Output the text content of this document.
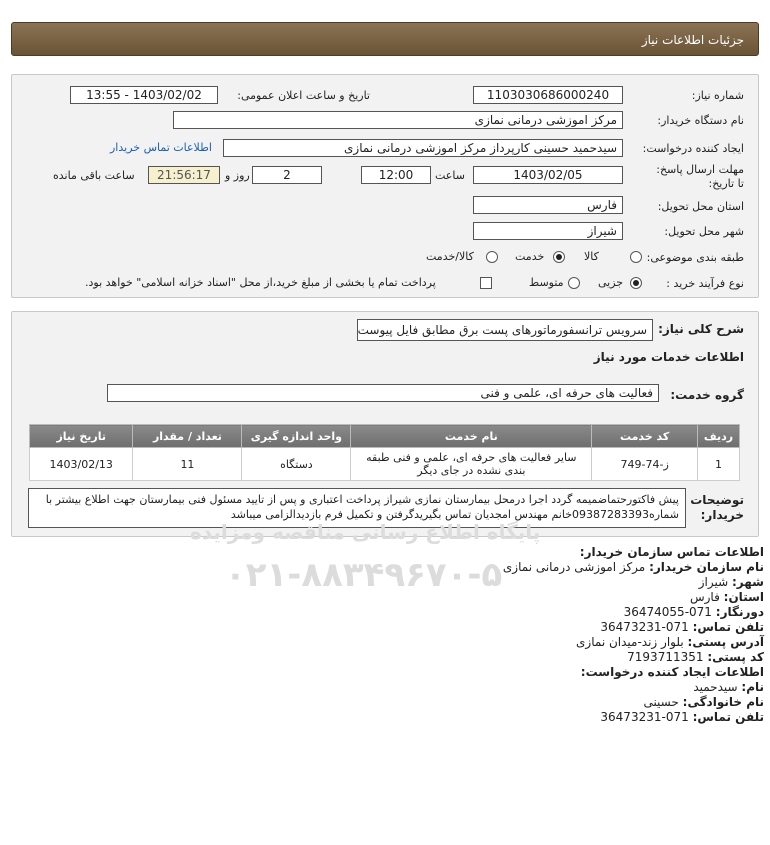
جزئیات اطلاعات نیاز
شماره نیاز:
1103030686000240
تاریخ و ساعت اعلان عمومی:
1403/02/02 - 13:55
نام دستگاه خریدار:
مرکز اموزشی درمانی نمازی
ایجاد کننده درخواست:
سیدحمید حسینی کارپرداز مرکز اموزشی درمانی نمازی
اطلاعات تماس خریدار
مهلت ارسال پاسخ: تا تاریخ:
1403/02/05
ساعت
12:00
2
روز و
21:56:17
ساعت باقی مانده
استان محل تحویل:
فارس
شهر محل تحویل:
شیراز
طبقه بندی موضوعی:
کالا
خدمت
کالا/خدمت
نوع فرآیند خرید :
جزیی
متوسط
پرداخت تمام یا بخشی از مبلغ خرید،از محل "اسناد خزانه اسلامی" خواهد بود.
شرح کلی نیاز:
سرویس ترانسفورماتورهای پست برق مطابق فایل پیوست
اطلاعات خدمات مورد نیاز
گروه خدمت:
فعالیت های حرفه ای، علمی و فنی
ردیف	کد خدمت	نام خدمت	واحد اندازه گیری	تعداد / مقدار	تاریخ نیاز
1	ز-74-749	سایر فعالیت های حرفه ای، علمی و فنی طبقه بندی نشده در جای دیگر	دستگاه	11	1403/02/13
توضیحات خریدار:
پیش فاکتورحتماضمیمه گردد اجرا درمحل بیمارستان نمازی شیراز پرداخت اعتباری و پس از تایید مسئول فنی بیمارستان جهت اطلاع بیشتر با شماره09387283393خانم مهندس امجدیان تماس بگیریدگرفتن و تکمیل فرم بازدیدالزامی میباشد
پایگاه اطلاع رسانی مناقصه ومزایده
۰۲۱-۸۸۳۴۹۶۷۰-۵
اطلاعات تماس سازمان خریدار:
نام سازمان خریدار: مرکز اموزشی درمانی نمازی
شهر: شیراز
استان: فارس
دورنگار: 071-36474055
تلفن تماس: 071-36473231
آدرس پستی: بلوار زند-میدان نمازی
کد پستی: 7193711351
اطلاعات ایجاد کننده درخواست:
نام: سیدحمید
نام خانوادگی: حسینی
تلفن تماس: 071-36473231
